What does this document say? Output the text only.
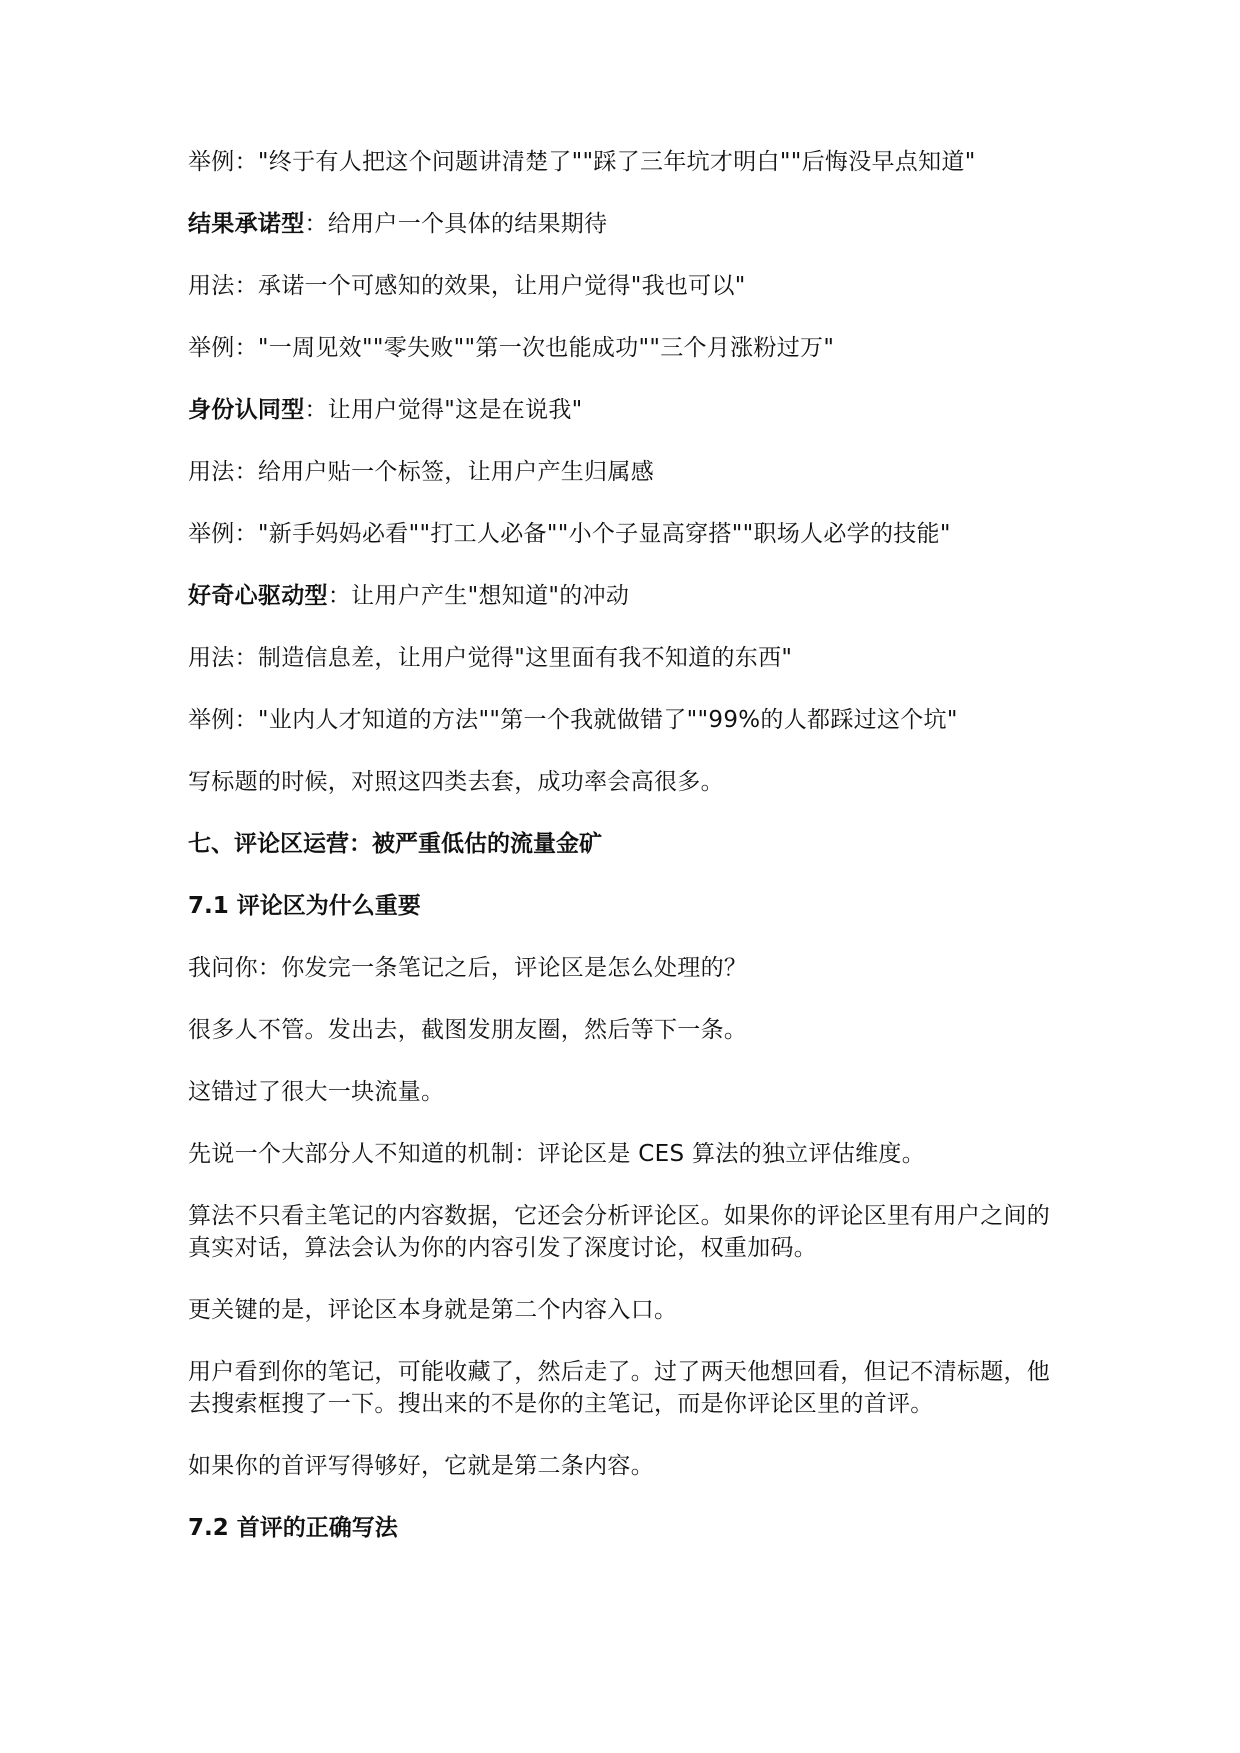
举例："终于有人把这个问题讲清楚了""踩了三年坑才明白""后悔没早点知道"

结果承诺型：给用户一个具体的结果期待

用法：承诺一个可感知的效果，让用户觉得"我也可以"

举例："一周见效""零失败""第一次也能成功""三个月涨粉过万"

身份认同型：让用户觉得"这是在说我"

用法：给用户贴一个标签，让用户产生归属感

举例："新手妈妈必看""打工人必备""小个子显高穿搭""职场人必学的技能"

好奇心驱动型：让用户产生"想知道"的冲动

用法：制造信息差，让用户觉得"这里面有我不知道的东西"

举例："业内人才知道的方法""第一个我就做错了""99%的人都踩过这个坑"

写标题的时候，对照这四类去套，成功率会高很多。

七、评论区运营：被严重低估的流量金矿
7.1 评论区为什么重要

我问你：你发完一条笔记之后，评论区是怎么处理的？

很多人不管。发出去，截图发朋友圈，然后等下一条。

这错过了很大一块流量。

先说一个大部分人不知道的机制：评论区是 CES 算法的独立评估维度。

算法不只看主笔记的内容数据，它还会分析评论区。如果你的评论区里有用户之间的真实对话，算法会认为你的内容引发了深度讨论，权重加码。

更关键的是，评论区本身就是第二个内容入口。

用户看到你的笔记，可能收藏了，然后走了。过了两天他想回看，但记不清标题，他去搜索框搜了一下。搜出来的不是你的主笔记，而是你评论区里的首评。

如果你的首评写得够好，它就是第二条内容。

7.2 首评的正确写法
